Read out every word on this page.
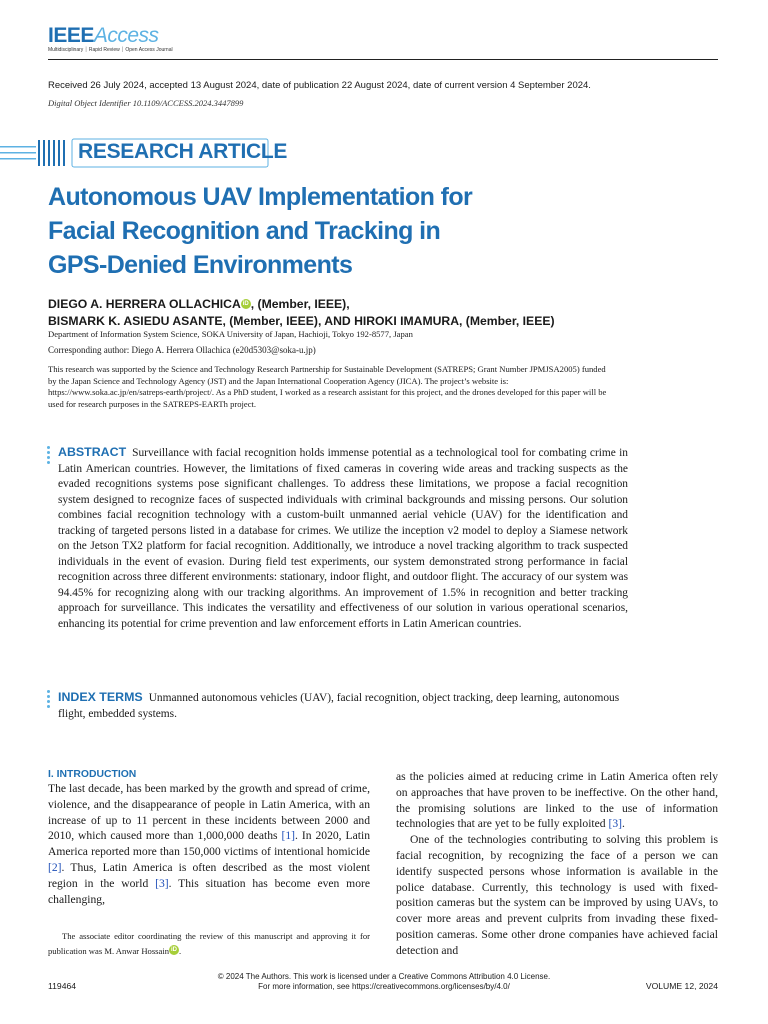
IEEEAccess
Multidisciplinary ⏐ Rapid Review ⏐ Open Access Journal
Received 26 July 2024, accepted 13 August 2024, date of publication 22 August 2024, date of current version 4 September 2024.
Digital Object Identifier 10.1109/ACCESS.2024.3447899
RESEARCH ARTICLE
Autonomous UAV Implementation for
Facial Recognition and Tracking in
GPS-Denied Environments
DIEGO A. HERRERA OLLACHICA iD , (Member, IEEE),
BISMARK K. ASIEDU ASANTE, (Member, IEEE), AND HIROKI IMAMURA, (Member, IEEE)
Department of Information System Science, SOKA University of Japan, Hachioji, Tokyo 192-8577, Japan
Corresponding author: Diego A. Herrera Ollachica (e20d5303@soka-u.jp)
This research was supported by the Science and Technology Research Partnership for Sustainable Development (SATREPS; Grant Number JPMJSA2005) funded by the Japan Science and Technology Agency (JST) and the Japan International Cooperation Agency (JICA). The project’s website is: https://www.soka.ac.jp/en/satreps-earth/project/. As a PhD student, I worked as a research assistant for this project, and the drones developed for this paper will be used for research purposes in the SATREPS-EARTh project.
ABSTRACT Surveillance with facial recognition holds immense potential as a technological tool for combating crime in Latin American countries. However, the limitations of fixed cameras in covering wide areas and tracking suspects as the evaded recognitions systems pose significant challenges. To address these limitations, we propose a facial recognition system designed to recognize faces of suspected individuals with criminal backgrounds and missing persons. Our solution combines facial recognition technology with a custom-built unmanned aerial vehicle (UAV) for the identification and tracking of targeted persons listed in a database for crimes. We utilize the inception v2 model to deploy a Siamese network on the Jetson TX2 platform for facial recognition. Additionally, we introduce a novel tracking algorithm to track suspected individuals in the event of evasion. During field test experiments, our system demonstrated strong performance in facial recognition across three different environments: stationary, indoor flight, and outdoor flight. The accuracy of our system was 94.45% for recognizing along with our tracking algorithms. An improvement of 1.5% in recognition and better tracking approach for surveillance. This indicates the versatility and effectiveness of our solution in various operational scenarios, enhancing its potential for crime prevention and law enforcement efforts in Latin American countries.
INDEX TERMS Unmanned autonomous vehicles (UAV), facial recognition, object tracking, deep learning, autonomous flight, embedded systems.
I. INTRODUCTION

The last decade, has been marked by the growth and spread of crime, violence, and the disappearance of people in Latin America, with an increase of up to 11 percent in these incidents between 2000 and 2010, which caused more than 1,000,000 deaths [1]. In 2020, Latin America reported more than 150,000 victims of intentional homicide [2]. Thus, Latin America is often described as the most violent region in the world [3]. This situation has become even more challenging,

The associate editor coordinating the review of this manuscript and approving it for publication was M. Anwar Hossain iD .

as the policies aimed at reducing crime in Latin America often rely on approaches that have proven to be ineffective. On the other hand, the promising solutions are linked to the use of information technologies that are yet to be fully exploited [3].

One of the technologies contributing to solving this problem is facial recognition, by recognizing the face of a person we can identify suspected persons whose information is available in the police database. Currently, this technology is used with fixed-position cameras but the system can be improved by using UAVs, to cover more areas and prevent culprits from invading these fixed-position cameras. Some other drone companies have achieved facial detection and

© 2024 The Authors. This work is licensed under a Creative Commons Attribution 4.0 License.
For more information, see https://creativecommons.org/licenses/by/4.0/
119464	VOLUME 12, 2024
